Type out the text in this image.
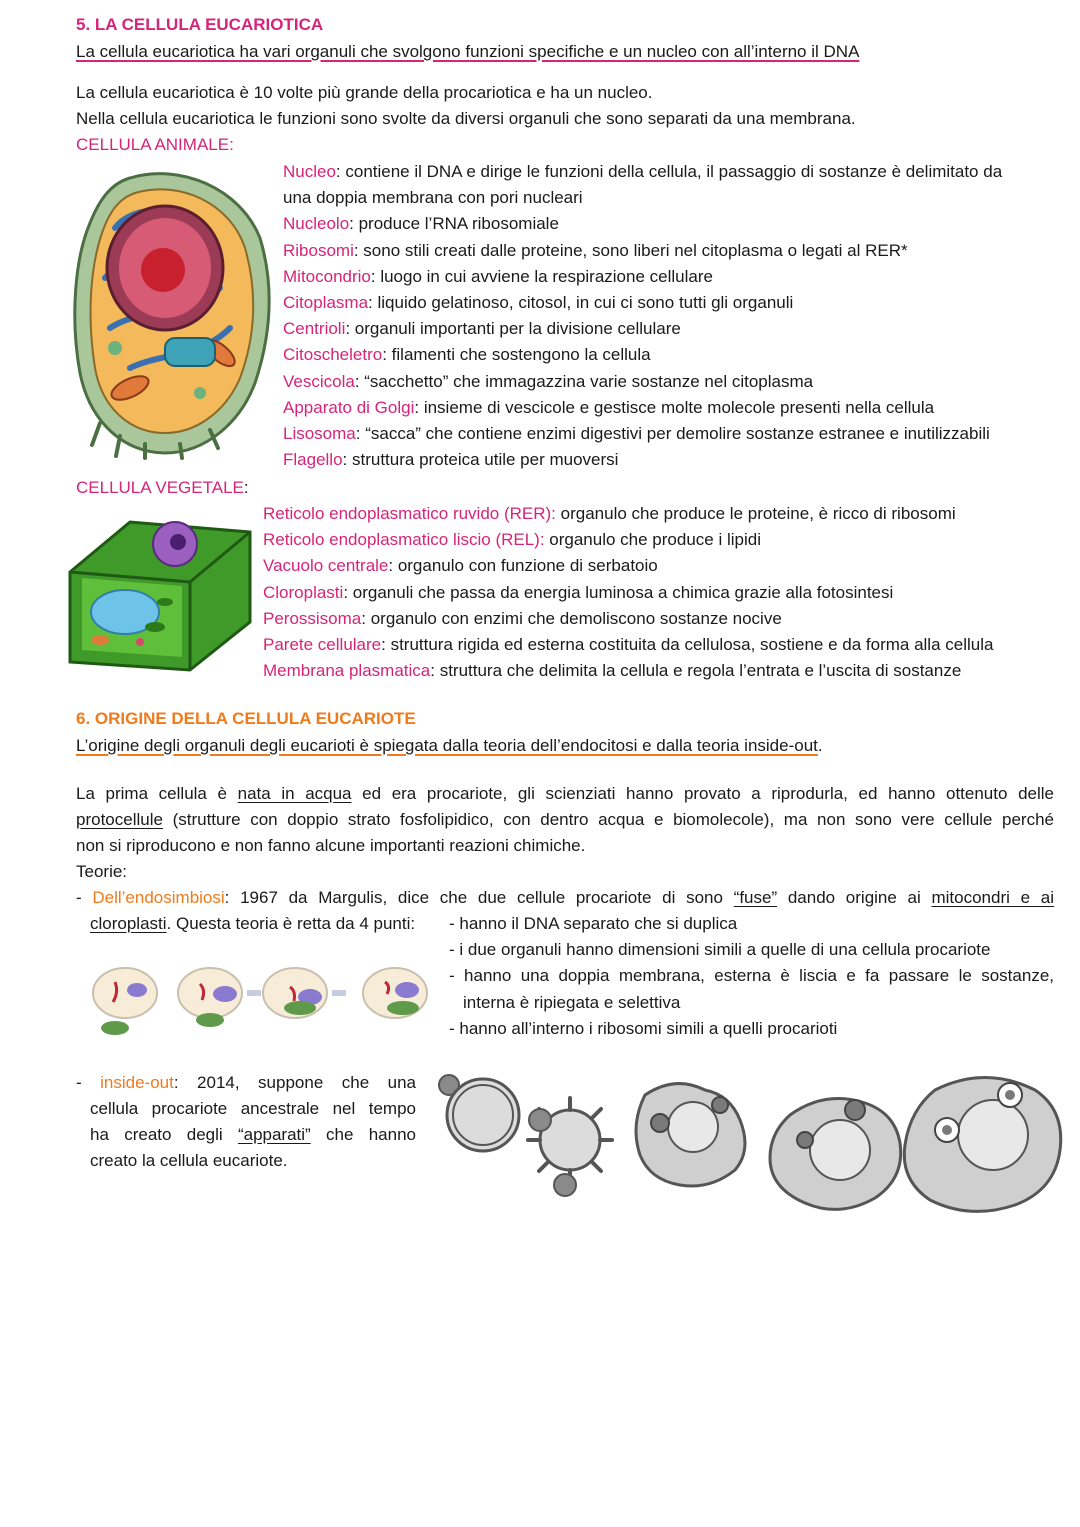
5. LA CELLULA EUCARIOTICA
La cellula eucariotica ha vari organuli che svolgono funzioni specifiche e un nucleo con all’interno il DNA
La cellula eucariotica è 10 volte più grande della procariotica e ha un nucleo.
Nella cellula eucariotica le funzioni sono svolte da diversi organuli che sono separati da una membrana.
CELLULA ANIMALE:
Nucleo: contiene il DNA e dirige le funzioni della cellula, il passaggio di sostanze è delimitato da
una doppia membrana con pori nucleari
Nucleolo: produce l’RNA ribosomiale
Ribosomi: sono stili creati dalle proteine, sono liberi nel citoplasma o legati al RER*
Mitocondrio: luogo in cui avviene la respirazione cellulare
Citoplasma: liquido gelatinoso, citosol, in cui ci sono tutti gli organuli
Centrioli: organuli importanti per la divisione cellulare
Citoscheletro: filamenti che sostengono la cellula
Vescicola: “sacchetto” che immagazzina varie sostanze nel citoplasma
Apparato di Golgi: insieme di vescicole e gestisce molte molecole presenti nella cellula
Lisosoma: “sacca” che contiene enzimi digestivi per demolire sostanze estranee e inutilizzabili
Flagello: struttura proteica utile per muoversi
CELLULA VEGETALE:
Reticolo endoplasmatico ruvido (RER): organulo che produce le proteine, è ricco di ribosomi
Reticolo endoplasmatico liscio (REL): organulo che produce i lipidi
Vacuolo centrale: organulo con funzione di serbatoio
Cloroplasti: organuli che passa da energia luminosa a chimica grazie alla fotosintesi
Perossisoma: organulo con enzimi che demoliscono sostanze nocive
Parete cellulare: struttura rigida ed esterna costituita da cellulosa, sostiene e da forma alla cellula
Membrana plasmatica: struttura che delimita la cellula e regola l’entrata e l’uscita di sostanze
6. ORIGINE DELLA CELLULA EUCARIOTE
L’origine degli organuli degli eucarioti è spiegata dalla teoria dell’endocitosi e dalla teoria inside-out.
La prima cellula è nata in acqua ed era procariote, gli scienziati hanno provato a riprodurla, ed hanno ottenuto delle
protocellule (strutture con doppio strato fosfolipidico, con dentro acqua e biomolecole), ma non sono vere cellule perché
non si riproducono e non fanno alcune importanti reazioni chimiche.
Teorie:
- Dell’endosimbiosi: 1967 da Margulis, dice che due cellule procariote di sono “fuse” dando origine ai mitocondri e ai
cloroplasti. Questa teoria è retta da 4 punti: - hanno il DNA separato che si duplica
- i due organuli hanno dimensioni simili a quelle di una cellula procariote
- hanno una doppia membrana, esterna è liscia e fa passare le sostanze,
interna è ripiegata e selettiva
- hanno all’interno i ribosomi simili a quelli procarioti
- inside-out: 2014, suppone che una
cellula procariote ancestrale nel tempo
ha creato degli “apparati” che hanno
creato la cellula eucariote.
